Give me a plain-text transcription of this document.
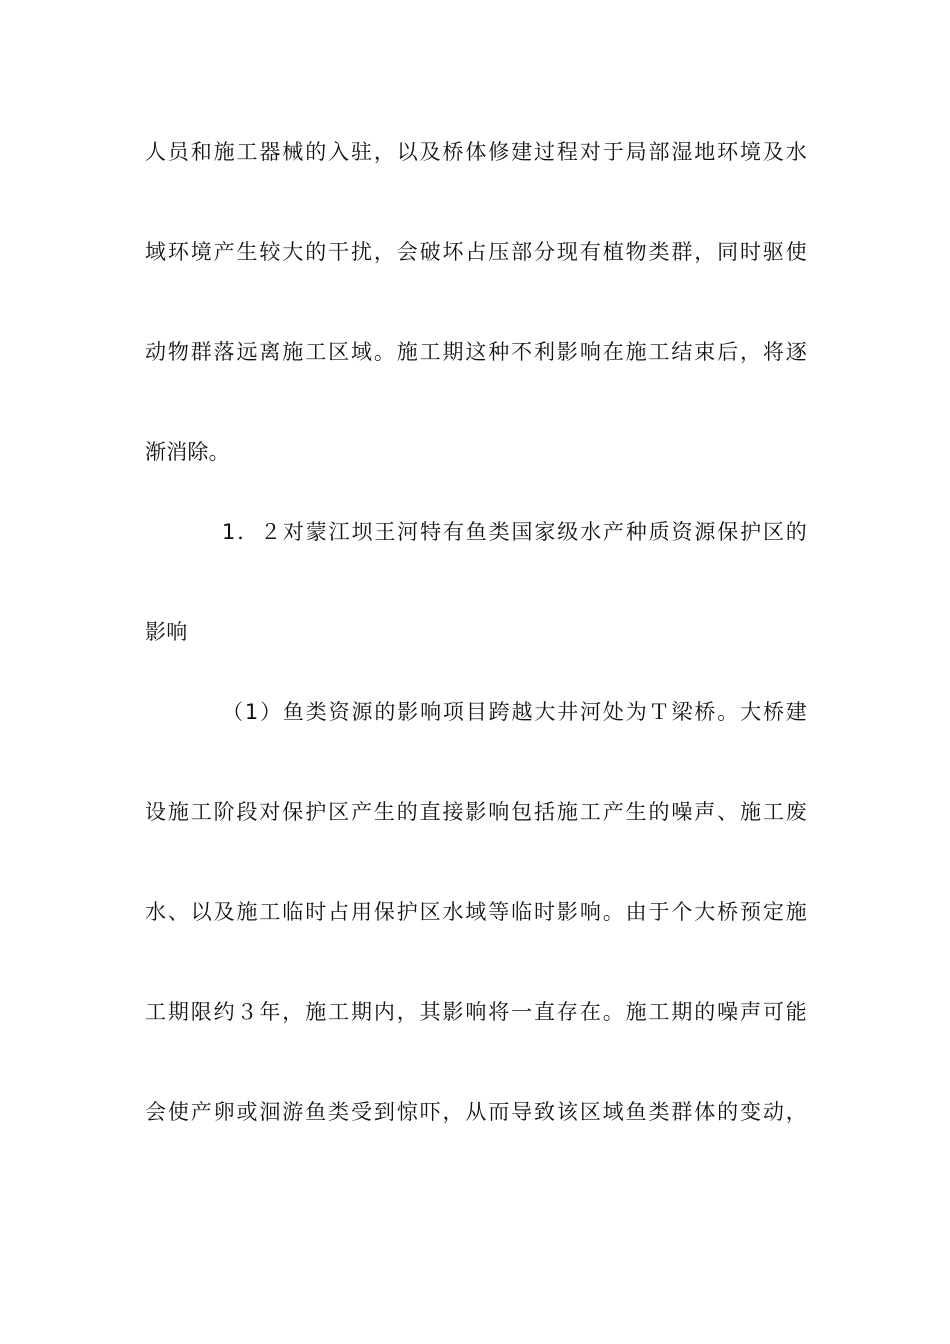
人员和施工器械的入驻，以及桥体修建过程对于局部湿地环境及水
域环境产生较大的干扰，会破坏占压部分现有植物类群，同时驱使
动物群落远离施工区域。施工期这种不利影响在施工结束后，将逐
渐消除。
1．２对蒙江坝王河特有鱼类国家级水产种质资源保护区的
影响
（1）鱼类资源的影响项目跨越大井河处为Ｔ梁桥。大桥建
设施工阶段对保护区产生的直接影响包括施工产生的噪声、施工废
水、以及施工临时占用保护区水域等临时影响。由于个大桥预定施
工期限约３年，施工期内，其影响将一直存在。施工期的噪声可能
会使产卵或洄游鱼类受到惊吓，从而导致该区域鱼类群体的变动，
